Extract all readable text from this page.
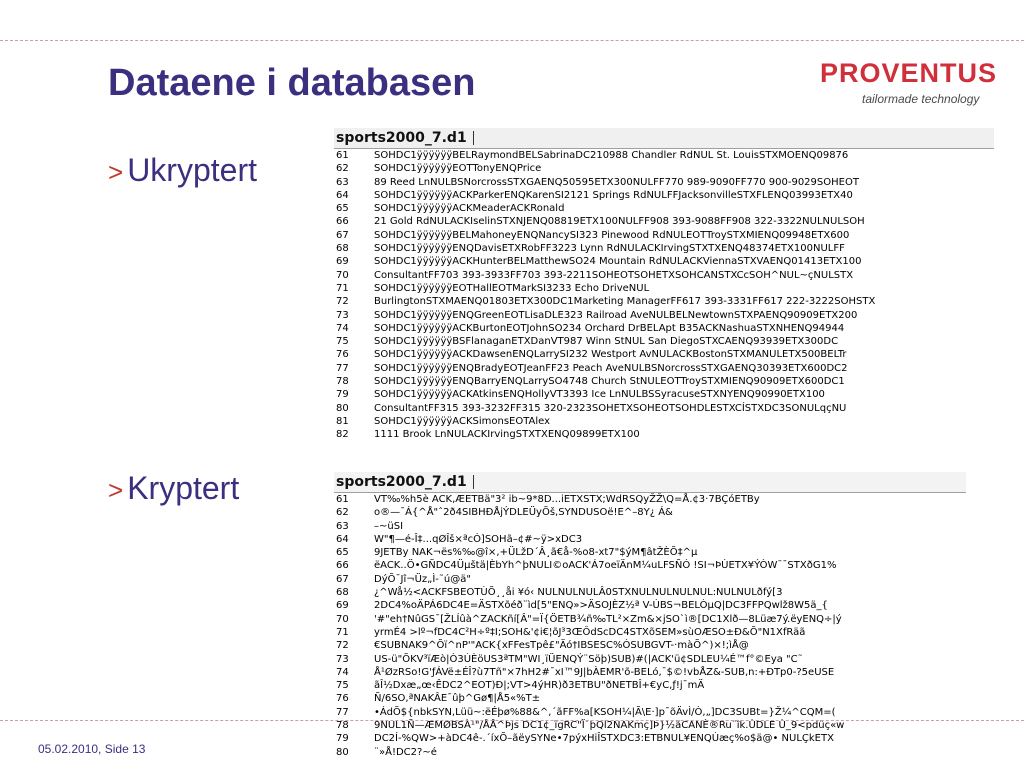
Dataene i databasen	PROVENTUS
tailormade technology
> Ukryptert
sports2000_7.d1
61	SOHDC1ÿÿÿÿÿÿBELRaymondBELSabrinaDC210988 Chandler RdNUL St. LouisSTXMOENQ09876
62	SOHDC1ÿÿÿÿÿÿEOTTonyENQPrice
63	89 Reed LnNULBSNorcrossSTXGAENQ50595ETX300NULFF770 989-9090FF770 900-9029SOHEOT
64	SOHDC1ÿÿÿÿÿÿACKParkerENQKarenSI2121 Springs RdNULFFJacksonvilleSTXFLENQ03993ETX40
65	SOHDC1ÿÿÿÿÿÿACKMeaderACKRonald
66	21 Gold RdNULACKIselinSTXNJENQ08819ETX100NULFF908 393-9088FF908 322-3322NULNULSOH
67	SOHDC1ÿÿÿÿÿÿBELMahoneyENQNancySI323 Pinewood RdNULEOTTroySTXMIENQ09948ETX600
68	SOHDC1ÿÿÿÿÿÿENQDavisETXRobFF3223 Lynn RdNULACKIrvingSTXTXENQ48374ETX100NULFF
69	SOHDC1ÿÿÿÿÿÿACKHunterBELMatthewSO24 Mountain RdNULACKViennaSTXVAENQ01413ETX100
70	ConsultantFF703 393-3933FF703 393-2211SOHEOTSOHETXSOHCANSTXCcSOH^NUL~çNULSTX
71	SOHDC1ÿÿÿÿÿÿEOTHallEOTMarkSI3233 Echo DriveNUL
72	BurlingtonSTXMAENQ01803ETX300DC1Marketing ManagerFF617 393-3331FF617 222-3222SOHSTX
73	SOHDC1ÿÿÿÿÿÿENQGreenEOTLisaDLE323 Railroad AveNULBELNewtownSTXPAENQ90909ETX200
74	SOHDC1ÿÿÿÿÿÿACKBurtonEOTJohnSO234 Orchard DrBELApt B35ACKNashuaSTXNHENQ94944
75	SOHDC1ÿÿÿÿÿÿBSFlanaganETXDanVT987 Winn StNUL San DiegoSTXCAENQ93939ETX300DC
76	SOHDC1ÿÿÿÿÿÿACKDawsenENQLarrySI232 Westport AvNULACKBostonSTXMANULETX500BELTr
77	SOHDC1ÿÿÿÿÿÿENQBradyEOTJeanFF23 Peach AveNULBSNorcrossSTXGAENQ30393ETX600DC2
78	SOHDC1ÿÿÿÿÿÿENQBarryENQLarrySO4748 Church StNULEOTTroySTXMIENQ90909ETX600DC1
79	SOHDC1ÿÿÿÿÿÿACKAtkinsENQHollyVT3393 Ice LnNULBSSyracuseSTXNYENQ90990ETX100
80	ConsultantFF315 393-3232FF315 320-2323SOHETXSOHEOTSOHDLESTXCÍSTXDC3SONULqçNU
81	SOHDC1ÿÿÿÿÿÿACKSimonsEOTAlex
82	1111 Brook LnNULACKIrvingSTXTXENQ09899ETX100
> Kryptert	sports2000_7.d1
61	VT‰%h5è ACK,ÆETBä"3² ib~9*8D...iETXSTX;WdRSQyŽŽ\Q=Å.¢3·7BÇóETBy
62	o®—¯Á{^Å"ˆ2ð4SIBHÐÅjÝDLEÜyÕš,SYNDUSOë!E^–8Y¿ Á&
63	–~üSI
64	W"¶—é-Î‡...qØÎš×ªcÓ]SOHã–¢#~ÿ>xDC3
65	9JETBy NAK¬ës%‰@î×,+ÜLžD´Â¸ã€å-%o8-xt7"$ýM¶âtŽÈÕ‡^µ
66	ëACK..Ö•GÑDC4Üµštä|ÈbYh^þNULI©oACK'Á7oeïÄnM¼uLFSÑÓ !SI¬ÞÙETX¥ÝÒW¯¯STXðG1%
67	DýÕ¯Jî¬Üz„Ì-˜ú@ä"
68	¿^Wå½<ACKFSBEOTÙÕ¸¸åi ¥ó‹ NULNULNULÂ0STXNULNULNULNUL:NULNULðfý[3
69	2DC4%oÄPÁ6DC4E=ÄSTXõéð¨ìd[5"ENQ»>ÄSOJÈZ½ª V-ÚBS¬BELÒµQ|DC3FFPQwlž8W5ä_{
70	'#"eh†NûGS¯[ŽLÍûà^ZACKñí[Â"=Ï{ÖETB¾ñ‰TL²×Zm&×jSO`ì®[DC1Xlð—8Lüæ7ý.ëyENQ÷|ý
71	yrmÉ4 >lº¬fDC4C²H÷º‡I;SOH&'¢i€¦õJ³3ŒÔdScDC4STXõSEM»sùOÆSO±Ð&Õ"N1XfRäã
72	€SUBNAK9^Õï^nP'"ACK{xFFesTpê£"Äó†IBSESC%ÓSUBGVT-·màÕ^)×!;ìÅ@
73	US-ü"ÕKV³ïÆò|Ò3ÚÈöUS3ªTM"WI¸ïÜENQÝ¨Söþ)SUB)#(|ACK'ü¢SDLEU¼É™f°©Eya "C˜
74	Å¹ØzRSo!G'ƒÁVë±ÉÎ?ù7Tñ"×7hH2#¯xI™9J|bÀEMR'õ-BELó,¯$©!vbÅZ&-SUB,n:+ÐTp0-?5eUSE
75	ãÎ½Dxæ„œ‹ÊDC2^EOT)Ð|;VT>4ýHR)ð3ETBU"ðNETBÎ+€yC,ƒ!j¯mÄ
76	Ñ/6SO,ªNAKÂE¯ûþ^Gø¶|Å5«%T±
77	•ÁdÕ${nbkSYN,Lüü~:ëÉþø%88&^,´ãFF%a[KSOH¼|Ã\E·]p¯õÄvÌ/Ò,„]DC3SUBt=}Ž¼^CQM=(
78	9NUL1Ñ—ÆMØBSÀ¹"/ÅÅ^Þjs DC1¢_ïgRC"Ï`þQl2NAKmç]Þ}½ãCANÈ®Ru¨îk.ÙDLE Ù_9<pdüç«w
79	DC2Í-%QW>+àDC4ê-.´íxÕ–ãëySYNe•7pýxHiÎSTXDC3:ETBNUL¥ENQÚæç%o$ä@• NULÇkETX
80	¨»Å!DC2?~é
05.02.2010, Side 13
